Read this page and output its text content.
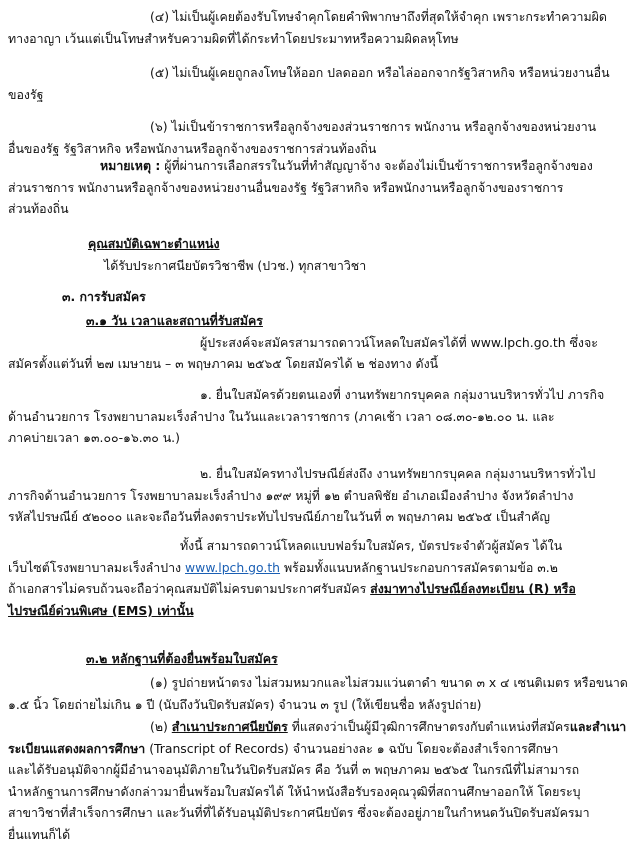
(๔) ไม่เป็นผู้เคยต้องรับโทษจำคุกโดยคำพิพากษาถึงที่สุดให้จำคุก เพราะกระทำความผิด
ทางอาญา เว้นแต่เป็นโทษสำหรับความผิดที่ได้กระทำโดยประมาทหรือความผิดลหุโทษ
(๕) ไม่เป็นผู้เคยถูกลงโทษให้ออก ปลดออก หรือไล่ออกจากรัฐวิสาหกิจ หรือหน่วยงานอื่น
ของรัฐ
(๖) ไม่เป็นข้าราชการหรือลูกจ้างของส่วนราชการ พนักงาน หรือลูกจ้างของหน่วยงาน
อื่นของรัฐ รัฐวิสาหกิจ หรือพนักงานหรือลูกจ้างของราชการส่วนท้องถิ่น
หมายเหตุ : ผู้ที่ผ่านการเลือกสรรในวันที่ทำสัญญาจ้าง จะต้องไม่เป็นข้าราชการหรือลูกจ้างของ
ส่วนราชการ พนักงานหรือลูกจ้างของหน่วยงานอื่นของรัฐ รัฐวิสาหกิจ หรือพนักงานหรือลูกจ้างของราชการ
ส่วนท้องถิ่น
คุณสมบัติเฉพาะตำแหน่ง
ได้รับประกาศนียบัตรวิชาชีพ (ปวช.) ทุกสาขาวิชา
๓. การรับสมัคร
๓.๑ วัน เวลาและสถานที่รับสมัคร
ผู้ประสงค์จะสมัครสามารถดาวน์โหลดใบสมัครได้ที่ www.lpch.go.th ซึ่งจะ
สมัครตั้งแต่วันที่ ๒๗ เมษายน – ๓ พฤษภาคม ๒๕๖๕ โดยสมัครได้ ๒ ช่องทาง ดังนี้
๑. ยื่นใบสมัครด้วยตนเองที่ งานทรัพยากรบุคคล กลุ่มงานบริหารทั่วไป ภารกิจ
ด้านอำนวยการ โรงพยาบาลมะเร็งลำปาง ในวันและเวลาราชการ (ภาคเช้า เวลา ๐๘.๓๐-๑๒.๐๐ น. และ
ภาคบ่ายเวลา ๑๓.๐๐-๑๖.๓๐ น.)
๒. ยื่นใบสมัครทางไปรษณีย์ส่งถึง งานทรัพยากรบุคคล กลุ่มงานบริหารทั่วไป
ภารกิจด้านอำนวยการ โรงพยาบาลมะเร็งลำปาง ๑๙๙ หมู่ที่ ๑๒ ตำบลพิชัย อำเภอเมืองลำปาง จังหวัดลำปาง
รหัสไปรษณีย์ ๕๒๐๐๐ และจะถือวันที่ลงตราประทับไปรษณีย์ภายในวันที่ ๓ พฤษภาคม ๒๕๖๕ เป็นสำคัญ
ทั้งนี้ สามารถดาวน์โหลดแบบฟอร์มใบสมัคร, บัตรประจำตัวผู้สมัคร ได้ใน
เว็บไซต์โรงพยาบาลมะเร็งลำปาง www.lpch.go.th พร้อมทั้งแนบหลักฐานประกอบการสมัครตามข้อ ๓.๒
ถ้าเอกสารไม่ครบถ้วนจะถือว่าคุณสมบัติไม่ครบตามประกาศรับสมัคร ส่งมาทางไปรษณีย์ลงทะเบียน (R) หรือ
ไปรษณีย์ด่วนพิเศษ (EMS) เท่านั้น
๓.๒ หลักฐานที่ต้องยื่นพร้อมใบสมัคร
(๑) รูปถ่ายหน้าตรง ไม่สวมหมวกและไม่สวมแว่นตาดำ ขนาด ๓ x ๔ เซนติเมตร หรือขนาด
๑.๕ นิ้ว โดยถ่ายไม่เกิน ๑ ปี (นับถึงวันปิดรับสมัคร) จำนวน ๓ รูป (ให้เขียนชื่อ หลังรูปถ่าย)
(๒) สำเนาประกาศนียบัตร ที่แสดงว่าเป็นผู้มีวุฒิการศึกษาตรงกับตำแหน่งที่สมัครและสำเนา
ระเบียนแสดงผลการศึกษา (Transcript of Records) จำนวนอย่างละ ๑ ฉบับ โดยจะต้องสำเร็จการศึกษา
และได้รับอนุมัติจากผู้มีอำนาจอนุมัติภายในวันปิดรับสมัคร คือ วันที่ ๓ พฤษภาคม ๒๕๖๕ ในกรณีที่ไม่สามารถ
นำหลักฐานการศึกษาดังกล่าวมายื่นพร้อมใบสมัครได้ ให้นำหนังสือรับรองคุณวุฒิที่สถานศึกษาออกให้ โดยระบุ
สาขาวิชาที่สำเร็จการศึกษา และวันที่ที่ได้รับอนุมัติประกาศนียบัตร ซึ่งจะต้องอยู่ภายในกำหนดวันปิดรับสมัครมา
ยื่นแทนก็ได้
